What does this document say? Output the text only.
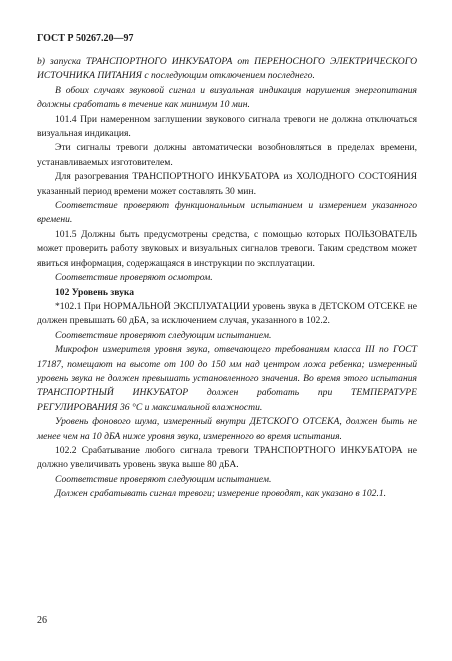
ГОСТ Р 50267.20—97

b) запуска ТРАНСПОРТНОГО ИНКУБАТОРА от ПЕРЕНОСНОГО ЭЛЕКТРИЧЕСКОГО ИСТОЧНИКА ПИТАНИЯ с последующим отключением последнего.

В обоих случаях звуковой сигнал и визуальная индикация нарушения энергопитания должны сработать в течение как минимум 10 мин.

101.4 При намеренном заглушении звукового сигнала тревоги не должна отключаться визуальная индикация.

Эти сигналы тревоги должны автоматически возобновляться в пределах времени, устанавливаемых изготовителем.

Для разогревания ТРАНСПОРТНОГО ИНКУБАТОРА из ХОЛОДНОГО СОСТОЯНИЯ указанный период времени может составлять 30 мин.

Соответствие проверяют функциональным испытанием и измерением указанного времени.

101.5 Должны быть предусмотрены средства, с помощью которых ПОЛЬЗОВАТЕЛЬ может проверить работу звуковых и визуальных сигналов тревоги. Таким средством может явиться информация, содержащаяся в инструкции по эксплуатации.

Соответствие проверяют осмотром.

102 Уровень звука

*102.1 При НОРМАЛЬНОЙ ЭКСПЛУАТАЦИИ уровень звука в ДЕТСКОМ ОТСЕКЕ не должен превышать 60 дБА, за исключением случая, указанного в 102.2.

Соответствие проверяют следующим испытанием.

Микрофон измерителя уровня звука, отвечающего требованиям класса III по ГОСТ 17187, помещают на высоте от 100 до 150 мм над центром ложа ребенка; измеренный уровень звука не должен превышать установленного значения. Во время этого испытания ТРАНСПОРТНЫЙ ИНКУБАТОР должен работать при ТЕМПЕРАТУРЕ РЕГУЛИРОВАНИЯ 36 °С и максимальной влажности.

Уровень фонового шума, измеренный внутри ДЕТСКОГО ОТСЕКА, должен быть не менее чем на 10 дБА ниже уровня звука, измеренного во время испытания.

102.2 Срабатывание любого сигнала тревоги ТРАНСПОРТНОГО ИНКУБАТОРА не должно увеличивать уровень звука выше 80 дБА.

Соответствие проверяют следующим испытанием.

Должен срабатывать сигнал тревоги; измерение проводят, как указано в 102.1.

26
